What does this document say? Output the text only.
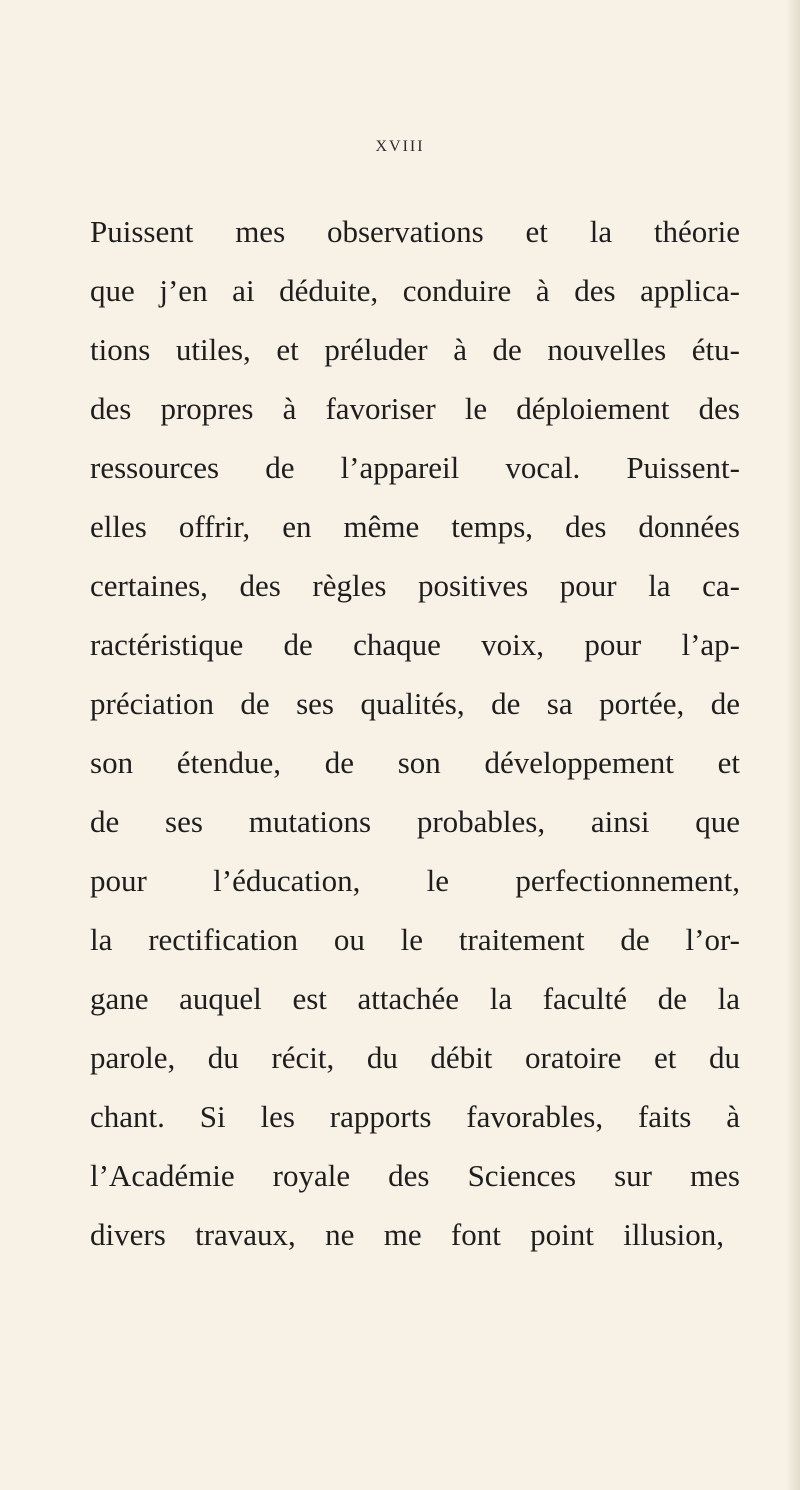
XVIII
Puissent mes observations et la théorie
que j’en ai déduite, conduire à des applica-
tions utiles, et préluder à de nouvelles étu-
des propres à favoriser le déploiement des
ressources de l’appareil vocal. Puissent-
elles offrir, en même temps, des données
certaines, des règles positives pour la ca-
ractéristique de chaque voix, pour l’ap-
préciation de ses qualités, de sa portée, de
son étendue, de son développement et
de ses mutations probables, ainsi que
pour l’éducation, le perfectionnement,
la rectification ou le traitement de l’or-
gane auquel est attachée la faculté de la
parole, du récit, du débit oratoire et du
chant. Si les rapports favorables, faits à
l’Académie royale des Sciences sur mes
divers travaux, ne me font point illusion,
